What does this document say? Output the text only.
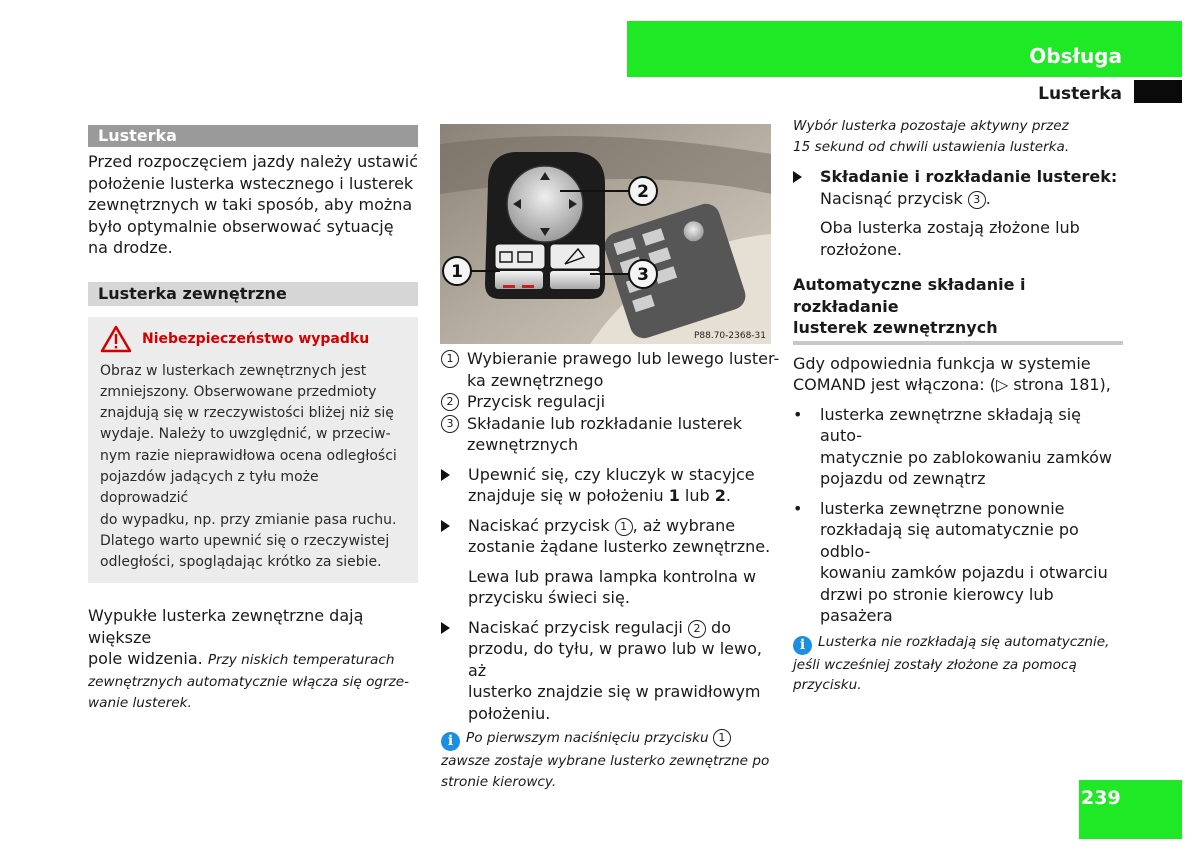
Obsługa
Lusterka
Lusterka
Przed rozpoczęciem jazdy należy ustawić położenie lusterka wstecznego i lusterek zewnętrznych w taki sposób, aby można było optymalnie obserwować sytuację na drodze.
Lusterka zewnętrzne
Niebezpieczeństwo wypadku
Obraz w lusterkach zewnętrznych jest
zmniejszony. Obserwowane przedmioty
znajdują się w rzeczywistości bliżej niż się
wydaje. Należy to uwzględnić, w przeciw-
nym razie nieprawidłowa ocena odległości
pojazdów jadących z tyłu może doprowadzić
do wypadku, np. przy zmianie pasa ruchu.
Dlatego warto upewnić się o rzeczywistej
odległości, spoglądając krótko za siebie.
Wypukłe lusterka zewnętrzne dają większe
pole widzenia. Przy niskich temperaturach
zewnętrznych automatycznie włącza się ogrze-
wanie lusterek.
2
1	3
P88.70-2368-31
1 Wybieranie prawego lub lewego luster-
ka zewnętrznego
2 Przycisk regulacji
3 Składanie lub rozkładanie lusterek
zewnętrznych
Upewnić się, czy kluczyk w stacyjce
znajduje się w położeniu 1 lub 2.
Naciskać przycisk 1 , aż wybrane
zostanie żądane lusterko zewnętrzne.
Lewa lub prawa lampka kontrolna w
przycisku świeci się.
Naciskać przycisk regulacji 2 do
przodu, do tyłu, w prawo lub w lewo, aż
lusterko znajdzie się w prawidłowym
położeniu.
i Po pierwszym naciśnięciu przycisku 1
zawsze zostaje wybrane lusterko zewnętrzne po
stronie kierowcy.
Wybór lusterka pozostaje aktywny przez
15 sekund od chwili ustawienia lusterka.
Składanie i rozkładanie lusterek:
Nacisnąć przycisk 3 .
Oba lusterka zostają złożone lub
rozłożone.
Automatyczne składanie i rozkładanie
lusterek zewnętrznych
Gdy odpowiednia funkcja w systemie
COMAND jest włączona: (▷ strona 181),
• lusterka zewnętrzne składają się auto-
matycznie po zablokowaniu zamków
pojazdu od zewnątrz
• lusterka zewnętrzne ponownie
rozkładają się automatycznie po odblo-
kowaniu zamków pojazdu i otwarciu
drzwi po stronie kierowcy lub pasażera
i Lusterka nie rozkładają się automatycznie,
jeśli wcześniej zostały złożone za pomocą
przycisku.
239
